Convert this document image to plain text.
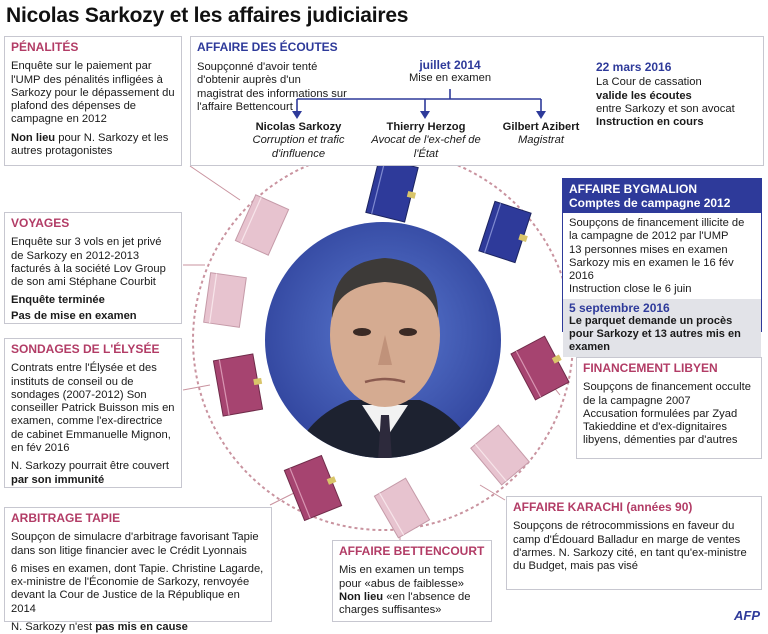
Nicolas Sarkozy et les affaires judiciaires
PÉNALITÉS

Enquête sur le paiement par l'UMP des pénalités infligées à Sarkozy pour le dépassement du plafond des dépenses de campagne en 2012

Non lieu pour N. Sarkozy et les autres protagonistes

AFFAIRE DES ÉCOUTES
Soupçonné d'avoir tenté d'obtenir auprès d'un magistrat des informations sur l'affaire Bettencourt
juillet 2014
Mise en examen
Nicolas Sarkozy
Corruption et trafic d'influence
Thierry Herzog
Avocat de l'ex-chef de l'État
Gilbert Azibert
Magistrat
22 mars 2016
La Cour de cassation
valide les écoutes
entre Sarkozy et son avocat
Instruction en cours
VOYAGES

Enquête sur 3 vols en jet privé de Sarkozy en 2012-2013 facturés à la société Lov Group de son ami Stéphane Courbit

Enquête terminée
Pas de mise en examen
AFFAIRE BYGMALION
Comptes de campagne 2012
Soupçons de financement illicite de la campagne de 2012 par l'UMP
13 personnes mises en examen
Sarkozy mis en examen le 16 fév 2016
Instruction close le 6 juin
5 septembre 2016
Le parquet demande un procès pour Sarkozy et 13 autres mis en examen
SONDAGES DE L'ÉLYSÉE

Contrats entre l'Élysée et des instituts de conseil ou de sondages (2007-2012) Son conseiller Patrick Buisson mis en examen, comme l'ex-directrice de cabinet Emmanuelle Mignon, en fév 2016

N. Sarkozy pourrait être couvert par son immunité

FINANCEMENT LIBYEN
Soupçons de financement occulte de la campagne 2007
Accusation formulées par Zyad Takieddine et d'ex-dignitaires libyens, démenties par d'autres
ARBITRAGE TAPIE

Soupçon de simulacre d'arbitrage favorisant Tapie dans son litige financier avec le Crédit Lyonnais

6 mises en examen, dont Tapie. Christine Lagarde, ex-ministre de l'Économie de Sarkozy, renvoyée devant la Cour de Justice de la République en 2014

N. Sarkozy n'est pas mis en cause

AFFAIRE KARACHI (années 90)
Soupçons de rétrocommissions en faveur du camp d'Édouard Balladur en marge de ventes d'armes. N. Sarkozy cité, en tant qu'ex-ministre du Budget, mais pas visé
AFFAIRE BETTENCOURT
Mis en examen un temps pour «abus de faiblesse»
Non lieu «en l'absence de charges suffisantes»	AFP
